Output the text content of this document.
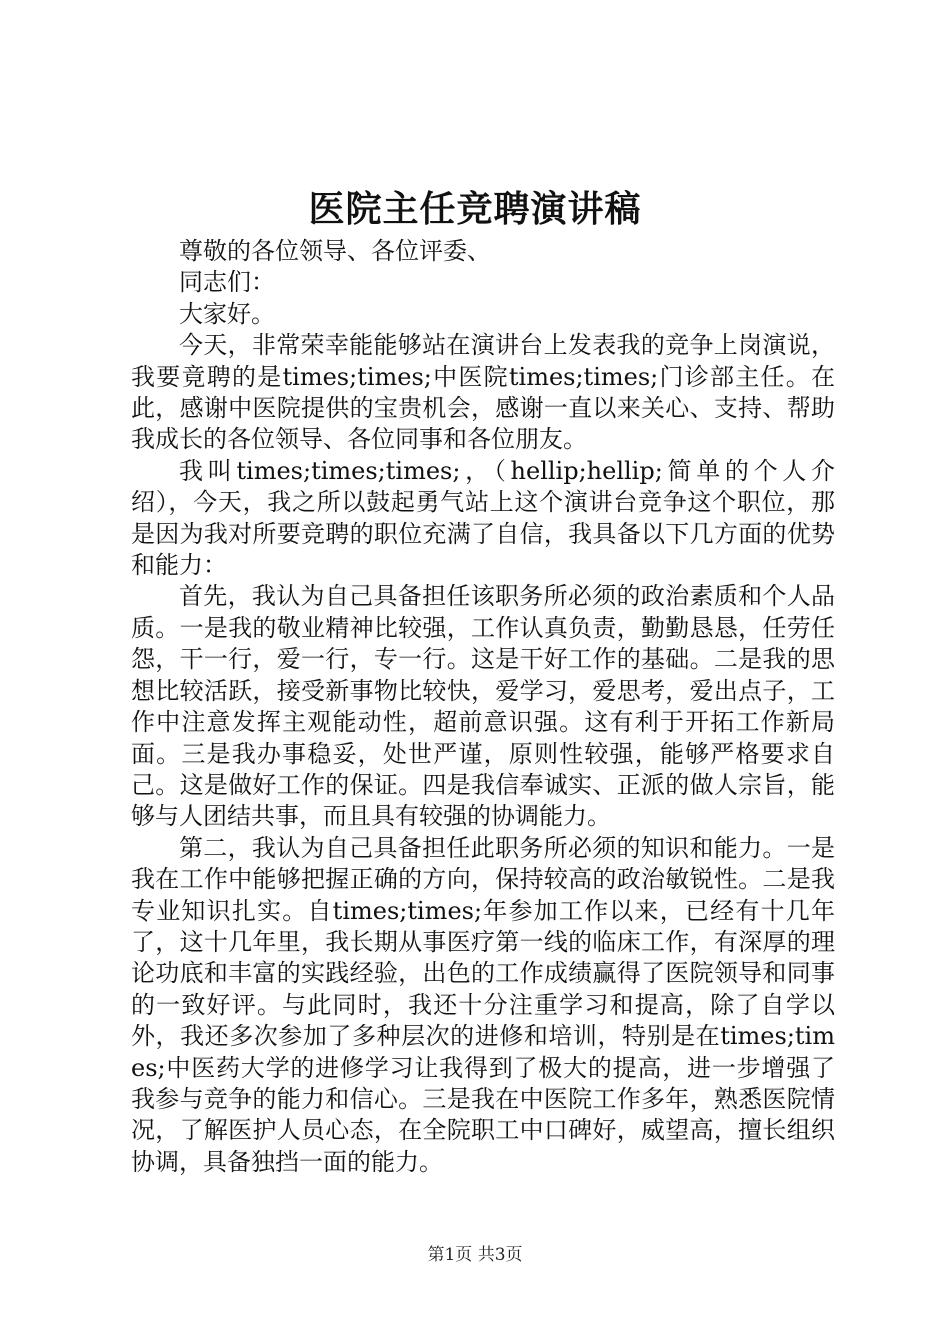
医院主任竞聘演讲稿

尊敬的各位领导、各位评委、

同志们：

大家好。

今天，非常荣幸能能够站在演讲台上发表我的竞争上岗演说，我要竟聘的是times;times;中医院times;times;门诊部主任。在此，感谢中医院提供的宝贵机会，感谢一直以来关心、支持、帮助我成长的各位领导、各位同事和各位朋友。

我叫times;times;times;，（hellip;hellip;简单的个人介绍），今天，我之所以鼓起勇气站上这个演讲台竞争这个职位，那是因为我对所要竞聘的职位充满了自信，我具备以下几方面的优势和能力：

首先，我认为自己具备担任该职务所必须的政治素质和个人品质。一是我的敬业精神比较强，工作认真负责，勤勤恳恳，任劳任怨，干一行，爱一行，专一行。这是干好工作的基础。二是我的思想比较活跃，接受新事物比较快，爱学习，爱思考，爱出点子，工作中注意发挥主观能动性，超前意识强。这有利于开拓工作新局面。三是我办事稳妥，处世严谨，原则性较强，能够严格要求自己。这是做好工作的保证。四是我信奉诚实、正派的做人宗旨，能够与人团结共事，而且具有较强的协调能力。

第二，我认为自己具备担任此职务所必须的知识和能力。一是我在工作中能够把握正确的方向，保持较高的政治敏锐性。二是我专业知识扎实。自times;times;年参加工作以来，已经有十几年了，这十几年里，我长期从事医疗第一线的临床工作，有深厚的理论功底和丰富的实践经验，出色的工作成绩赢得了医院领导和同事的一致好评。与此同时，我还十分注重学习和提高，除了自学以外，我还多次参加了多种层次的进修和培训，特别是在times;times;中医药大学的进修学习让我得到了极大的提高，进一步增强了我参与竞争的能力和信心。三是我在中医院工作多年，熟悉医院情况，了解医护人员心态，在全院职工中口碑好，威望高，擅长组织协调，具备独挡一面的能力。

第1页 共3页
